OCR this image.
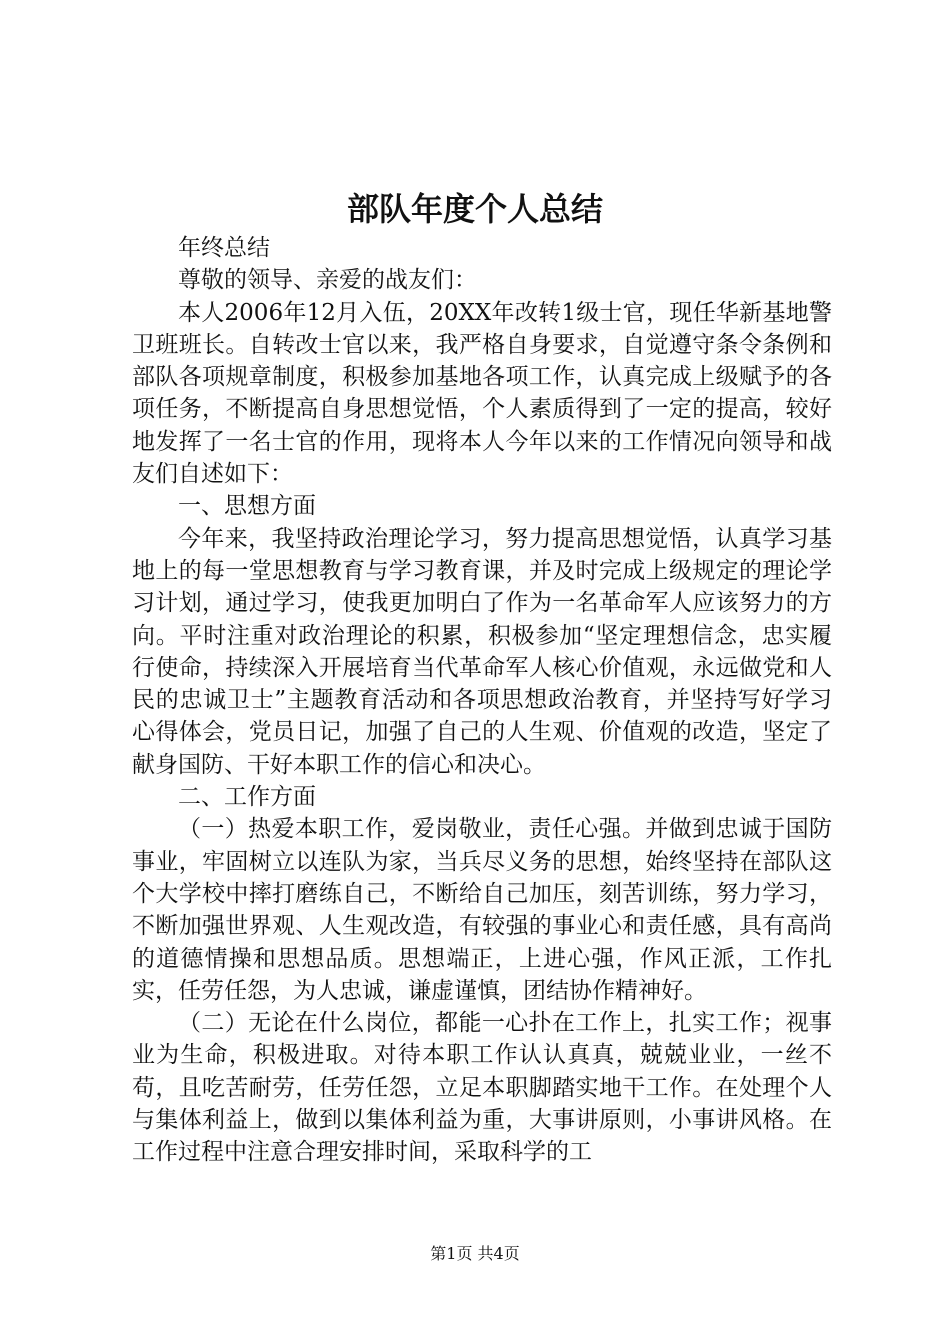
部队年度个人总结

年终总结

尊敬的领导、亲爱的战友们：

本人2006年12月入伍，20XX年改转1级士官，现任华新基地警卫班班长。自转改士官以来，我严格自身要求，自觉遵守条令条例和部队各项规章制度，积极参加基地各项工作，认真完成上级赋予的各项任务，不断提高自身思想觉悟，个人素质得到了一定的提高，较好地发挥了一名士官的作用，现将本人今年以来的工作情况向领导和战友们自述如下：

一、思想方面

今年来，我坚持政治理论学习，努力提高思想觉悟，认真学习基地上的每一堂思想教育与学习教育课，并及时完成上级规定的理论学习计划，通过学习，使我更加明白了作为一名革命军人应该努力的方向。平时注重对政治理论的积累，积极参加“坚定理想信念，忠实履行使命，持续深入开展培育当代革命军人核心价值观，永远做党和人民的忠诚卫士”主题教育活动和各项思想政治教育，并坚持写好学习心得体会，党员日记，加强了自己的人生观、价值观的改造，坚定了献身国防、干好本职工作的信心和决心。

二、工作方面

（一）热爱本职工作，爱岗敬业，责任心强。并做到忠诚于国防事业，牢固树立以连队为家，当兵尽义务的思想，始终坚持在部队这个大学校中摔打磨练自己，不断给自己加压，刻苦训练，努力学习，不断加强世界观、人生观改造，有较强的事业心和责任感，具有高尚的道德情操和思想品质。思想端正，上进心强，作风正派，工作扎实，任劳任怨，为人忠诚，谦虚谨慎，团结协作精神好。

（二）无论在什么岗位，都能一心扑在工作上，扎实工作；视事业为生命，积极进取。对待本职工作认认真真，兢兢业业，一丝不苟，且吃苦耐劳，任劳任怨，立足本职脚踏实地干工作。在处理个人与集体利益上，做到以集体利益为重，大事讲原则，小事讲风格。在工作过程中注意合理安排时间，采取科学的工

第1页 共4页
